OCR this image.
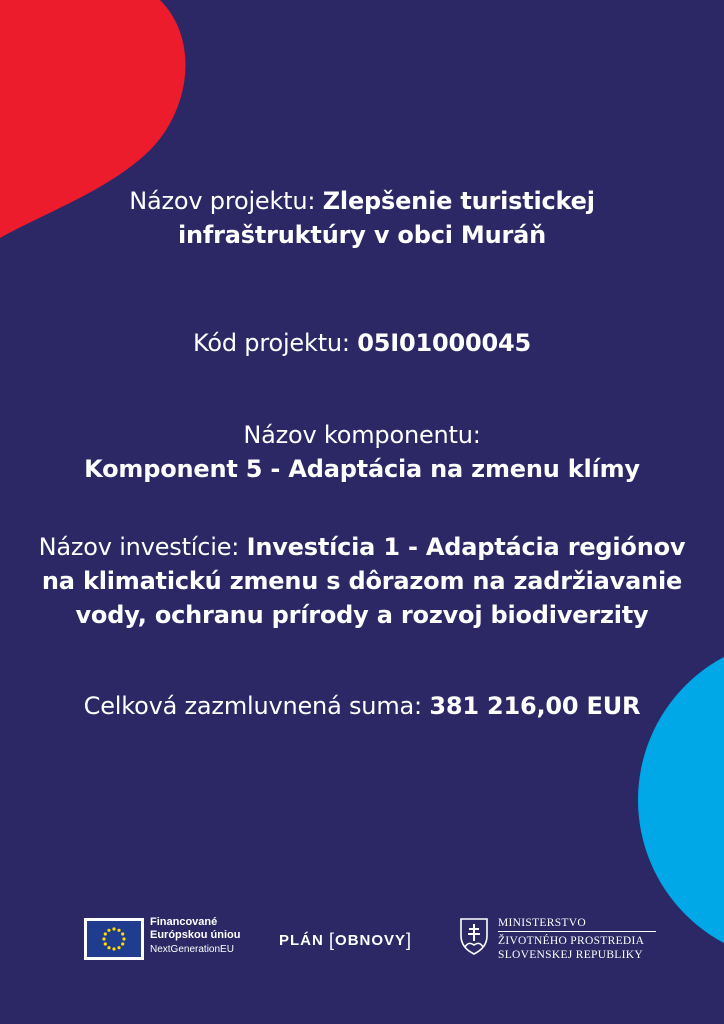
Názov projektu: Zlepšenie turistickej
infraštruktúry v obci Muráň
Kód projektu: 05I01000045
Názov komponentu:
Komponent 5 - Adaptácia na zmenu klímy
Názov investície: Investícia 1 - Adaptácia regiónov
na klimatickú zmenu s dôrazom na zadržiavanie
vody, ochranu prírody a rozvoj biodiverzity
Celková zazmluvnená suma: 381 216,00 EUR
Financované
Európskou úniou
NextGenerationEU
PLÁN [OBNOVY]
MINISTERSTVO
ŽIVOTNÉHO PROSTREDIA
SLOVENSKEJ REPUBLIKY
